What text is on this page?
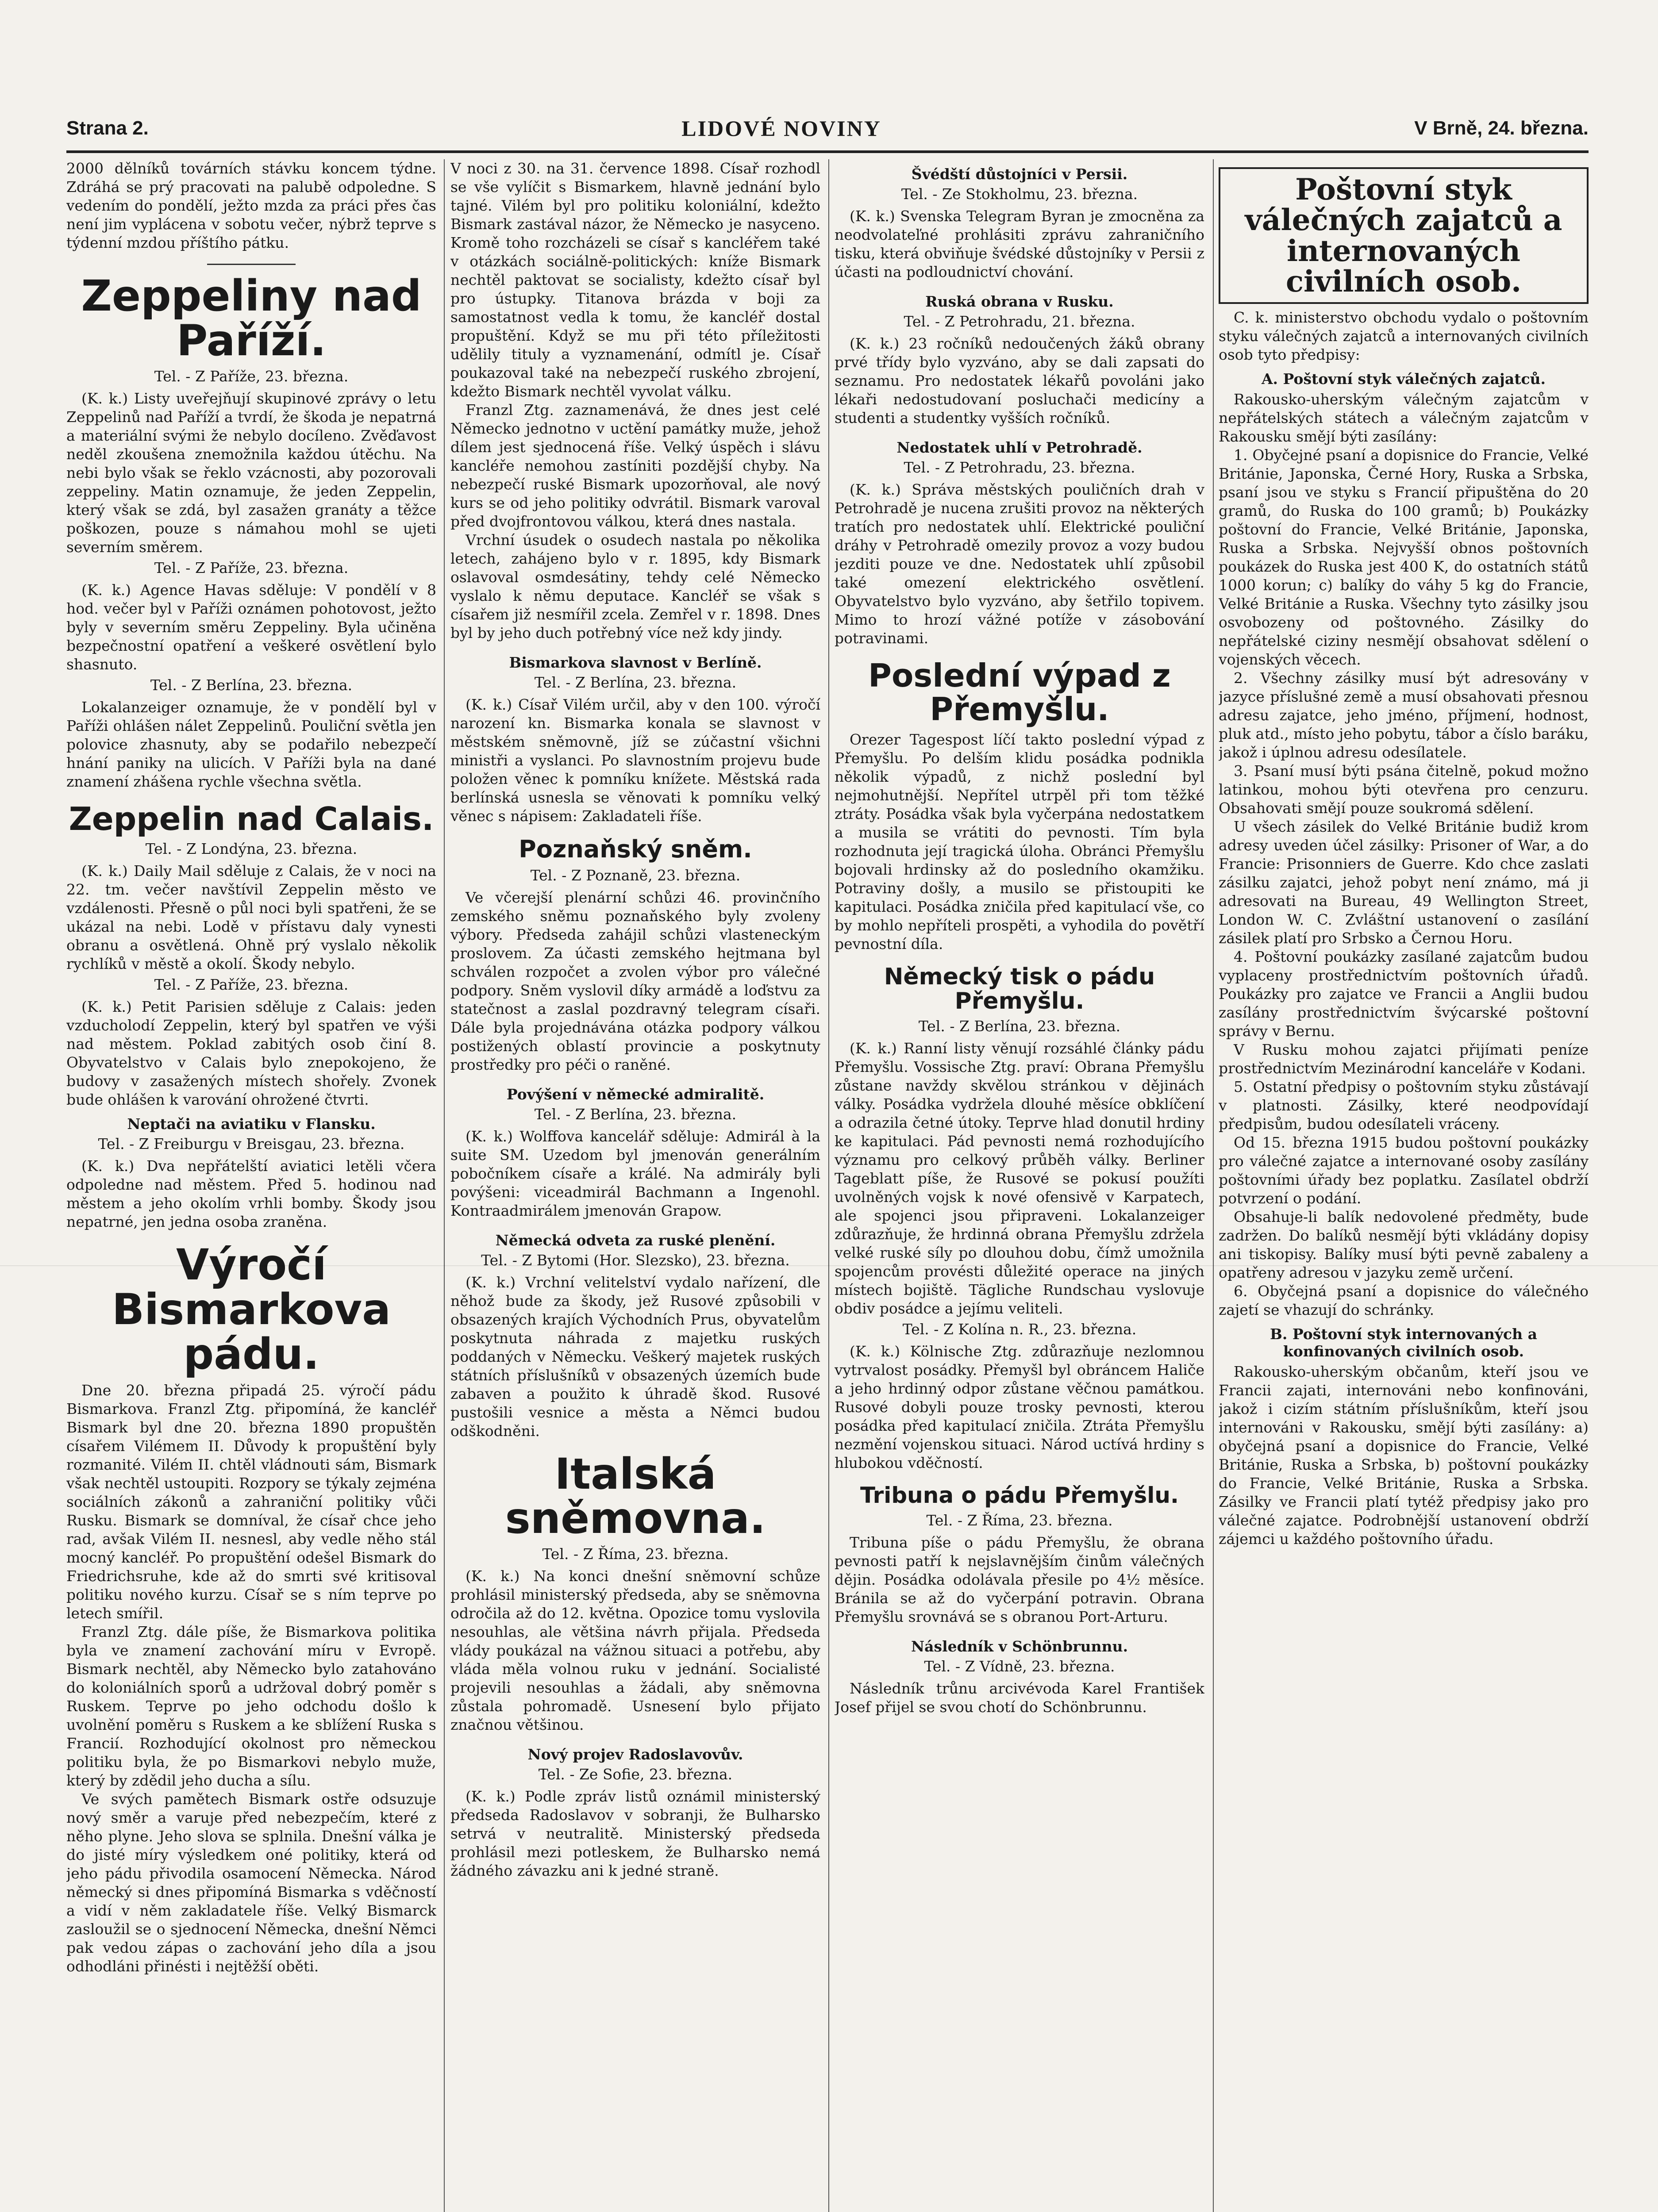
Strana 2.	LIDOVÉ NOVINY	V Brně, 24. března.

2000 dělníků továrních stávku koncem týdne. Zdráhá se prý pracovati na palubě odpoledne. S vedením do pondělí, ježto mzda za práci přes čas není jim vyplácena v sobotu večer, nýbrž teprve s týdenní mzdou příštího pátku.

Zeppeliny nad Paříží.
Tel. - Z Paříže, 23. března.

(K. k.) Listy uveřejňují skupinové zprávy o letu Zeppelinů nad Paříží a tvrdí, že škoda je nepatrná a materiální svými že nebylo docíleno. Zvěďavost neděl zkoušena znemožnila každou útěchu. Na nebi bylo však se řeklo vzácnosti, aby pozorovali zeppeliny. Matin oznamuje, že jeden Zeppelin, který však se zdá, byl zasažen granáty a těžce poškozen, pouze s námahou mohl se ujeti severním směrem.

Tel. - Z Paříže, 23. března.

(K. k.) Agence Havas sděluje: V pondělí v 8 hod. večer byl v Paříži oznámen pohotovost, ježto byly v severním směru Zeppeliny. Byla učiněna bezpečnostní opatření a veškeré osvětlení bylo shasnuto.

Tel. - Z Berlína, 23. března.

Lokalanzeiger oznamuje, že v pondělí byl v Paříži ohlášen nálet Zeppelinů. Pouliční světla jen polovice zhasnuty, aby se podařilo nebezpečí hnání paniky na ulicích. V Paříži byla na dané znamení zhášena rychle všechna světla.

Zeppelin nad Calais.
Tel. - Z Londýna, 23. března.

(K. k.) Daily Mail sděluje z Calais, že v noci na 22. tm. večer navštívil Zeppelin město ve vzdálenosti. Přesně o půl noci byli spatřeni, že se ukázal na nebi. Lodě v přístavu daly vynesti obranu a osvětlená. Ohně prý vyslalo několik rychlíků v městě a okolí. Škody nebylo.

Tel. - Z Paříže, 23. března.

(K. k.) Petit Parisien sděluje z Calais: jeden vzducholodí Zeppelin, který byl spatřen ve výši nad městem. Poklad zabitých osob činí 8. Obyvatelstvo v Calais bylo znepokojeno, že budovy v zasažených místech shořely. Zvonek bude ohlášen k varování ohrožené čtvrti.

Neptači na aviatiku v Flansku.
Tel. - Z Freiburgu v Breisgau, 23. března.

(K. k.) Dva nepřátelští aviatici letěli včera odpoledne nad městem. Před 5. hodinou nad městem a jeho okolím vrhli bomby. Škody jsou nepatrné, jen jedna osoba zraněna.

Výročí Bismarkova pádu.

Dne 20. března připadá 25. výročí pádu Bismarkova. Franzl Ztg. připomíná, že kancléř Bismark byl dne 20. března 1890 propuštěn císařem Vilémem II. Důvody k propuštění byly rozmanité. Vilém II. chtěl vládnouti sám, Bismark však nechtěl ustoupiti. Rozpory se týkaly zejména sociálních zákonů a zahraniční politiky vůči Rusku. Bismark se domníval, že císař chce jeho rad, avšak Vilém II. nesnesl, aby vedle něho stál mocný kancléř. Po propuštění odešel Bismark do Friedrichsruhe, kde až do smrti své kritisoval politiku nového kurzu. Císař se s ním teprve po letech smířil.

Franzl Ztg. dále píše, že Bismarkova politika byla ve znamení zachování míru v Evropě. Bismark nechtěl, aby Německo bylo zatahováno do koloniálních sporů a udržoval dobrý poměr s Ruskem. Teprve po jeho odchodu došlo k uvolnění poměru s Ruskem a ke sblížení Ruska s Francií. Rozhodující okolnost pro německou politiku byla, že po Bismarkovi nebylo muže, který by zdědil jeho ducha a sílu.

Ve svých pamětech Bismark ostře odsuzuje nový směr a varuje před nebezpečím, které z něho plyne. Jeho slova se splnila. Dnešní válka je do jisté míry výsledkem oné politiky, která od jeho pádu přivodila osamocení Německa. Národ německý si dnes připomíná Bismarka s vděčností a vidí v něm zakladatele říše. Velký Bismarck zasloužil se o sjednocení Německa, dnešní Němci pak vedou zápas o zachování jeho díla a jsou odhodláni přinésti i nejtěžší oběti.

V noci z 30. na 31. července 1898. Císař rozhodl se vše vylíčit s Bismarkem, hlavně jednání bylo tajné. Vilém byl pro politiku koloniální, kdežto Bismark zastával názor, že Německo je nasyceno. Kromě toho rozcházeli se císař s kancléřem také v otázkách sociálně-politických: kníže Bismark nechtěl paktovat se socialisty, kdežto císař byl pro ústupky. Titanova brázda v boji za samostatnost vedla k tomu, že kancléř dostal propuštění. Když se mu při této příležitosti udělily tituly a vyznamenání, odmítl je. Císař poukazoval také na nebezpečí ruského zbrojení, kdežto Bismark nechtěl vyvolat válku.

Franzl Ztg. zaznamenává, že dnes jest celé Německo jednotno v uctění památky muže, jehož dílem jest sjednocená říše. Velký úspěch i slávu kancléře nemohou zastíniti pozdější chyby. Na nebezpečí ruské Bismark upozorňoval, ale nový kurs se od jeho politiky odvrátil. Bismark varoval před dvojfrontovou válkou, která dnes nastala.

Vrchní úsudek o osudech nastala po několika letech, zahájeno bylo v r. 1895, kdy Bismark oslavoval osmdesátiny, tehdy celé Německo vyslalo k němu deputace. Kancléř se však s císařem již nesmířil zcela. Zemřel v r. 1898. Dnes byl by jeho duch potřebný více než kdy jindy.

Bismarkova slavnost v Berlíně.
Tel. - Z Berlína, 23. března.

(K. k.) Císař Vilém určil, aby v den 100. výročí narození kn. Bismarka konala se slavnost v městském sněmovně, jíž se zúčastní všichni ministři a vyslanci. Po slavnostním projevu bude položen věnec k pomníku knížete. Městská rada berlínská usnesla se věnovati k pomníku velký věnec s nápisem: Zakladateli říše.

Poznaňský sněm.
Tel. - Z Poznaně, 23. března.

Ve včerejší plenární schůzi 46. provinčního zemského sněmu poznaňského byly zvoleny výbory. Předseda zahájil schůzi vlasteneckým proslovem. Za účasti zemského hejtmana byl schválen rozpočet a zvolen výbor pro válečné podpory. Sněm vyslovil díky armádě a loďstvu za statečnost a zaslal pozdravný telegram císaři. Dále byla projednávána otázka podpory válkou postižených oblastí provincie a poskytnuty prostředky pro péči o raněné.

Povýšení v německé admiralitě.
Tel. - Z Berlína, 23. března.

(K. k.) Wolffova kancelář sděluje: Admirál à la suite SM. Uzedom byl jmenován generálním pobočníkem císaře a králé. Na admirály byli povýšeni: viceadmirál Bachmann a Ingenohl. Kontraadmirálem jmenován Grapow.

Německá odveta za ruské plenění.
Tel. - Z Bytomi (Hor. Slezsko), 23. března.

(K. k.) Vrchní velitelství vydalo nařízení, dle něhož bude za škody, jež Rusové způsobili v obsazených krajích Východních Prus, obyvatelům poskytnuta náhrada z majetku ruských poddaných v Německu. Veškerý majetek ruských státních příslušníků v obsazených územích bude zabaven a použito k úhradě škod. Rusové pustošili vesnice a města a Němci budou odškodněni.

Italská sněmovna.
Tel. - Z Říma, 23. března.

(K. k.) Na konci dnešní sněmovní schůze prohlásil ministerský předseda, aby se sněmovna odročila až do 12. května. Opozice tomu vyslovila nesouhlas, ale většina návrh přijala. Předseda vlády poukázal na vážnou situaci a potřebu, aby vláda měla volnou ruku v jednání. Socialisté projevili nesouhlas a žádali, aby sněmovna zůstala pohromadě. Usnesení bylo přijato značnou většinou.

Nový projev Radoslavovův.
Tel. - Ze Sofie, 23. března.

(K. k.) Podle zpráv listů oznámil ministerský předseda Radoslavov v sobranji, že Bulharsko setrvá v neutralitě. Ministerský předseda prohlásil mezi potleskem, že Bulharsko nemá žádného závazku ani k jedné straně.

Švédští důstojníci v Persii.
Tel. - Ze Stokholmu, 23. března.

(K. k.) Svenska Telegram Byran je zmocněna za neodvolateľné prohlásiti zprávu zahraničního tisku, která obviňuje švédské důstojníky v Persii z účasti na podloudnictví chování.

Ruská obrana v Rusku.
Tel. - Z Petrohradu, 21. března.

(K. k.) 23 ročníků nedoučených žáků obrany prvé třídy bylo vyzváno, aby se dali zapsati do seznamu. Pro nedostatek lékařů povoláni jako lékaři nedostudovaní posluchači medicíny a studenti a studentky vyšších ročníků.

Nedostatek uhlí v Petrohradě.
Tel. - Z Petrohradu, 23. března.

(K. k.) Správa městských pouličních drah v Petrohradě je nucena zrušiti provoz na některých tratích pro nedostatek uhlí. Elektrické pouliční dráhy v Petrohradě omezily provoz a vozy budou jezditi pouze ve dne. Nedostatek uhlí způsobil také omezení elektrického osvětlení. Obyvatelstvo bylo vyzváno, aby šetřilo topivem. Mimo to hrozí vážné potíže v zásobování potravinami.

Poslední výpad z Přemyšlu.

Orezer Tagespost líčí takto poslední výpad z Přemyšlu. Po delším klidu posádka podnikla několik výpadů, z nichž poslední byl nejmohutnější. Nepřítel utrpěl při tom těžké ztráty. Posádka však byla vyčerpána nedostatkem a musila se vrátiti do pevnosti. Tím byla rozhodnuta její tragická úloha. Obránci Přemyšlu bojovali hrdinsky až do posledního okamžiku. Potraviny došly, a musilo se přistoupiti ke kapitulaci. Posádka zničila před kapitulací vše, co by mohlo nepříteli prospěti, a vyhodila do povětří pevnostní díla.

Německý tisk o pádu Přemyšlu.
Tel. - Z Berlína, 23. března.

(K. k.) Ranní listy věnují rozsáhlé články pádu Přemyšlu. Vossische Ztg. praví: Obrana Přemyšlu zůstane navždy skvělou stránkou v dějinách války. Posádka vydržela dlouhé měsíce obklíčení a odrazila četné útoky. Teprve hlad donutil hrdiny ke kapitulaci. Pád pevnosti nemá rozhodujícího významu pro celkový průběh války. Berliner Tageblatt píše, že Rusové se pokusí použíti uvolněných vojsk k nové ofensivě v Karpatech, ale spojenci jsou připraveni. Lokalanzeiger zdůrazňuje, že hrdinná obrana Přemyšlu zdržela velké ruské síly po dlouhou dobu, čímž umožnila spojencům provésti důležité operace na jiných místech bojiště. Tägliche Rundschau vyslovuje obdiv posádce a jejímu veliteli.

Tel. - Z Kolína n. R., 23. března.

(K. k.) Kölnische Ztg. zdůrazňuje nezlomnou vytrvalost posádky. Přemyšl byl obráncem Haliče a jeho hrdinný odpor zůstane věčnou památkou. Rusové dobyli pouze trosky pevnosti, kterou posádka před kapitulací zničila. Ztráta Přemyšlu nezmění vojenskou situaci. Národ uctívá hrdiny s hlubokou vděčností.

Tribuna o pádu Přemyšlu.
Tel. - Z Říma, 23. března.

Tribuna píše o pádu Přemyšlu, že obrana pevnosti patří k nejslavnějším činům válečných dějin. Posádka odolávala přesile po 4½ měsíce. Bránila se až do vyčerpání potravin. Obrana Přemyšlu srovnává se s obranou Port-Arturu.

Následník v Schönbrunnu.
Tel. - Z Vídně, 23. března.

Následník trůnu arcivévoda Karel František Josef přijel se svou chotí do Schönbrunnu.

Poštovní styk válečných zajatců a internovaných civilních osob.

C. k. ministerstvo obchodu vydalo o poštovním styku válečných zajatců a internovaných civilních osob tyto předpisy:

A. Poštovní styk válečných zajatců.

Rakousko-uherským válečným zajatcům v nepřátelských státech a válečným zajatcům v Rakousku smějí býti zasílány:

1. Obyčejné psaní a dopisnice do Francie, Velké Británie, Japonska, Černé Hory, Ruska a Srbska, psaní jsou ve styku s Francií připuštěna do 20 gramů, do Ruska do 100 gramů; b) Poukázky poštovní do Francie, Velké Británie, Japonska, Ruska a Srbska. Nejvyšší obnos poštovních poukázek do Ruska jest 400 K, do ostatních států 1000 korun; c) balíky do váhy 5 kg do Francie, Velké Británie a Ruska. Všechny tyto zásilky jsou osvobozeny od poštovného. Zásilky do nepřátelské ciziny nesmějí obsahovat sdělení o vojenských věcech.

2. Všechny zásilky musí být adresovány v jazyce příslušné země a musí obsahovati přesnou adresu zajatce, jeho jméno, příjmení, hodnost, pluk atd., místo jeho pobytu, tábor a číslo baráku, jakož i úplnou adresu odesílatele.

3. Psaní musí býti psána čitelně, pokud možno latinkou, mohou býti otevřena pro cenzuru. Obsahovati smějí pouze soukromá sdělení.

U všech zásilek do Velké Británie budiž krom adresy uveden účel zásilky: Prisoner of War, a do Francie: Prisonniers de Guerre. Kdo chce zaslati zásilku zajatci, jehož pobyt není známo, má ji adresovati na Bureau, 49 Wellington Street, London W. C. Zvláštní ustanovení o zasílání zásilek platí pro Srbsko a Černou Horu.

4. Poštovní poukázky zasílané zajatcům budou vyplaceny prostřednictvím poštovních úřadů. Poukázky pro zajatce ve Francii a Anglii budou zasílány prostřednictvím švýcarské poštovní správy v Bernu.

V Rusku mohou zajatci přijímati peníze prostřednictvím Mezinárodní kanceláře v Kodani.

5. Ostatní předpisy o poštovním styku zůstávají v platnosti. Zásilky, které neodpovídají předpisům, budou odesílateli vráceny.

Od 15. března 1915 budou poštovní poukázky pro válečné zajatce a internované osoby zasílány poštovními úřady bez poplatku. Zasílatel obdrží potvrzení o podání.

Obsahuje-li balík nedovolené předměty, bude zadržen. Do balíků nesmějí býti vkládány dopisy ani tiskopisy. Balíky musí býti pevně zabaleny a opatřeny adresou v jazyku země určení.

6. Obyčejná psaní a dopisnice do válečného zajetí se vhazují do schránky.

B. Poštovní styk internovaných a konfinovaných civilních osob.

Rakousko-uherským občanům, kteří jsou ve Francii zajati, internováni nebo konfinováni, jakož i cizím státním příslušníkům, kteří jsou internováni v Rakousku, smějí býti zasílány: a) obyčejná psaní a dopisnice do Francie, Velké Británie, Ruska a Srbska, b) poštovní poukázky do Francie, Velké Británie, Ruska a Srbska. Zásilky ve Francii platí tytéž předpisy jako pro válečné zajatce. Podrobnější ustanovení obdrží zájemci u každého poštovního úřadu.
